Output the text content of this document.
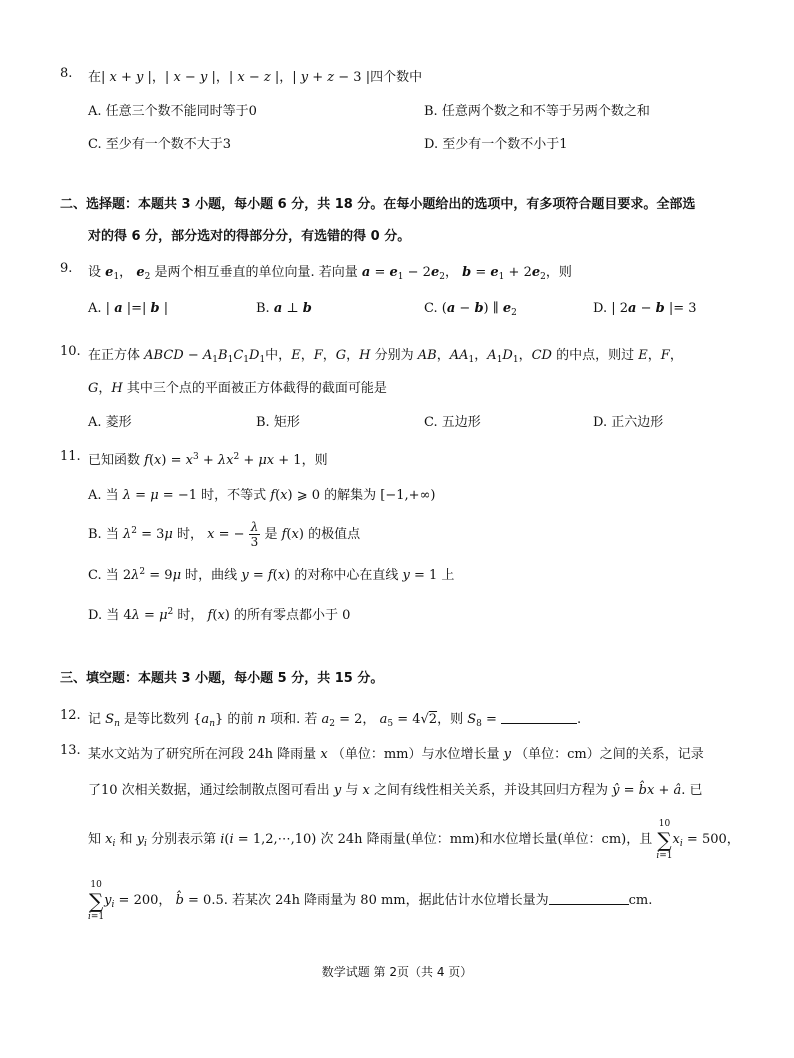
8.	在| x + y |，| x − y |，| x − z |，| y + z − 3 |四个数中
A. 任意三个数不能同时等于0	B. 任意两个数之和不等于另两个数之和
C. 至少有一个数不大于3	D. 至少有一个数不小于1
二、选择题：本题共 3 小题，每小题 6 分，共 18 分。在每小题给出的选项中，有多项符合题目要求。全部选
对的得 6 分，部分选对的得部分分，有选错的得 0 分。
9.	设 $e_1$， $e_2$ 是两个相互垂直的单位向量. 若向量 $a = e_1 - 2e_2$， $b = e_1 + 2e_2$，则
A. | a |=| b |	B. a ⊥ b	C. (a − b) ∥ $e_2$	D. | 2a − b |= 3
10. 在正方体 ABCD − $A_1B_1C_1D_1$中，E，F，G，H 分别为 AB，$AA_1$，$A_1D_1$，CD 的中点，则过 E，F，
G，H 其中三个点的平面被正方体截得的截面可能是
A. 菱形	B. 矩形	C. 五边形	D. 正六边形
11. 已知函数 $f(x) = x^3 + \lambda x^2 + \mu x + 1$，则
A. 当 λ = μ = −1 时，不等式 f(x) ⩾ 0 的解集为 [−1,+∞)
B. 当 $\lambda^2 = 3\mu$ 时， x = − $\frac{\lambda}{3}$ 是 f(x) 的极值点
C. 当 $2\lambda^2 = 9\mu$ 时，曲线 y = f(x) 的对称中心在直线 y = 1 上
D. 当 $4\lambda = \mu^2$ 时， f(x) 的所有零点都小于 0
三、填空题：本题共 3 小题，每小题 5 分，共 15 分。
12. 记 $S_n$ 是等比数列 $\{a_n\}$ 的前 n 项和. 若 $a_2 = 2$， $a_5 = 4√2$，则 $S_8$ =	.
13. 某水文站为了研究所在河段 24h 降雨量 x （单位：mm）与水位增长量 y （单位：cm）之间的关系，记录
了10 次相关数据，通过绘制散点图可看出 y 与 x 之间有线性相关关系，并设其回归方程为 ŷ = b̂x + â. 已
知 $x_i$ 和 $y_i$ 分别表示第 i(i = 1,2,⋯,10) 次 24h 降雨量(单位：mm)和水位增长量(单位：cm)，且
10
∑
i=1
$x_i = 500$，
10
∑
i=1
$y_i = 200$， b̂ = 0.5. 若某次 24h 降雨量为 80 mm，据此估计水位增长量为	cm.
数学试题 第 2页（共 4 页）
